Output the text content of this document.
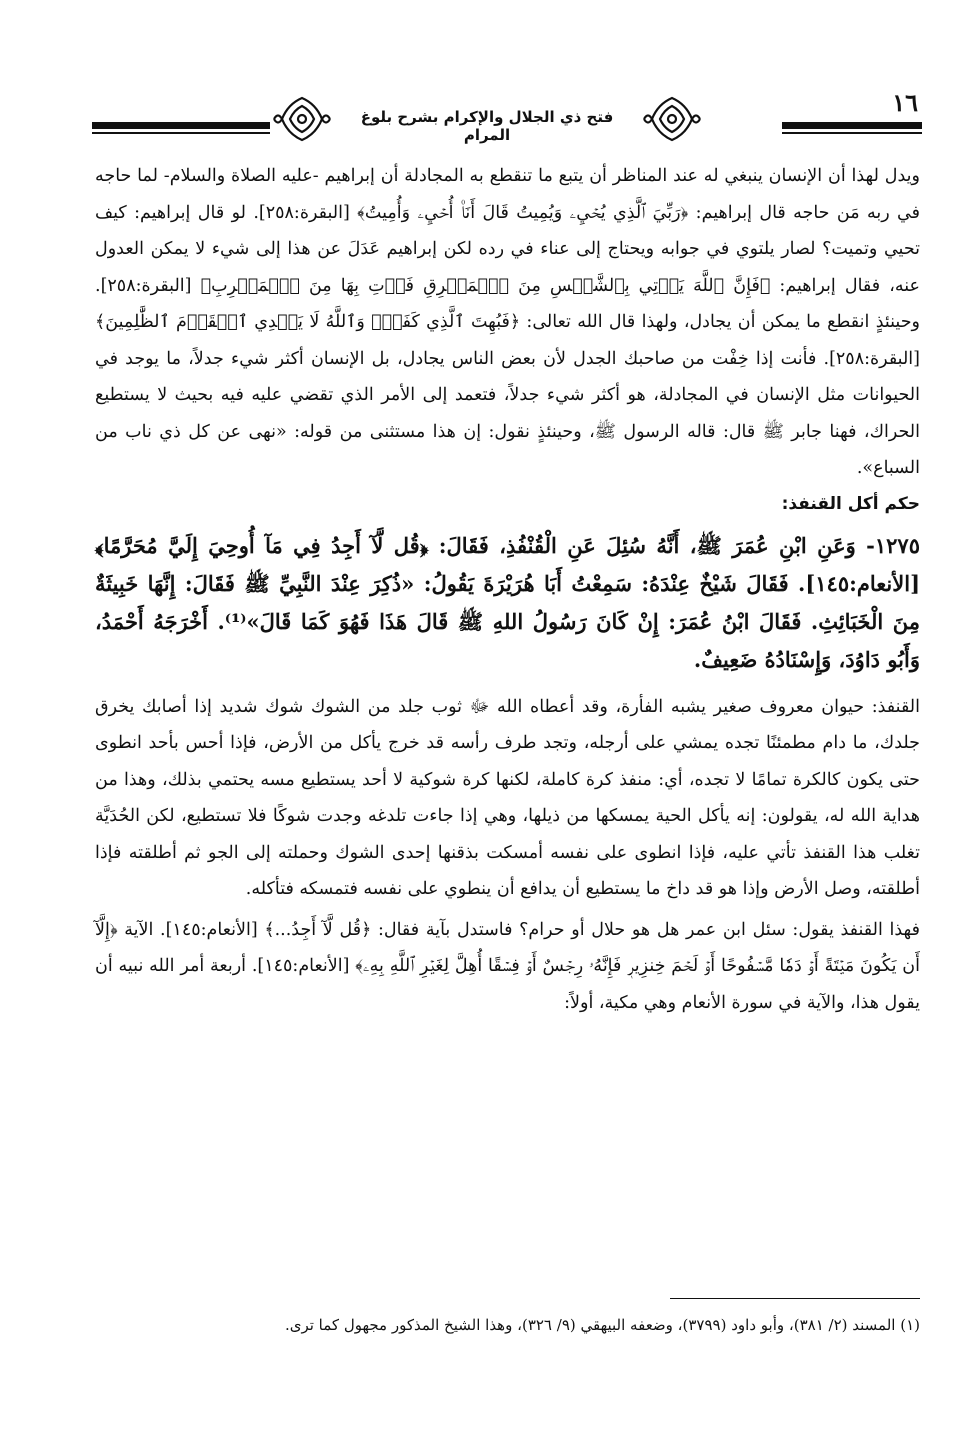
فتح ذي الجلال والإكرام بشرح بلوغ المرام
١٦

ويدل لهذا أن الإنسان ينبغي له عند المناظر أن يتبع ما تنقطع به المجادلة أن إبراهيم -عليه الصلاة والسلام- لما حاجه في ربه مَن حاجه قال إبراهيم: ﴿رَبِّيَ ٱلَّذِي يُحۡيِۦ وَيُمِيتُ قَالَ أَنَا۠ أُحۡيِۦ وَأُمِيتُ﴾ [البقرة:٢٥٨]. لو قال إبراهيم: كيف تحيي وتميت؟ لصار يلتوي في جوابه ويحتاج إلى عناء في رده لكن إبراهيم عَدَلَ عن هذا إلى شيء لا يمكن العدول عنه، فقال إبراهيم: ﴿فَإِنَّ ٱللَّهَ يَأۡتِي بِٱلشَّمۡسِ مِنَ ٱلۡمَشۡرِقِ فَأۡتِ بِهَا مِنَ ٱلۡمَغۡرِبِ﴾ [البقرة:٢٥٨]. وحينئذٍ انقطع ما يمكن أن يجادل، ولهذا قال الله تعالى: ﴿فَبُهِتَ ٱلَّذِي كَفَرَۗ وَٱللَّهُ لَا يَهۡدِي ٱلۡقَوۡمَ ٱلظَّٰلِمِينَ﴾ [البقرة:٢٥٨]. فأنت إذا خِفْت من صاحبك الجدل لأن بعض الناس يجادل، بل الإنسان أكثر شيء جدلاً، ما يوجد في الحيوانات مثل الإنسان في المجادلة، هو أكثر شيء جدلاً، فتعمد إلى الأمر الذي تقضي عليه فيه بحيث لا يستطيع الحراك، فهنا جابر ﷺ قال: قاله الرسول ﷺ، وحينئذٍ نقول: إن هذا مستثنى من قوله: «نهى عن كل ذي ناب من السباع».

حكم أكل القنفذ:

١٢٧٥- وَعَنِ ابْنِ عُمَرَ ﷺ، أَنَّهُ سُئِلَ عَنِ الْقُنْفُذِ، فَقَالَ: ﴿قُل لَّآ أَجِدُ فِي مَآ أُوحِيَ إِلَيَّ مُحَرَّمًا﴾ [الأنعام:١٤٥]. فَقَالَ شَيْخٌ عِنْدَهُ: سَمِعْتُ أَبَا هُرَيْرَةَ يَقُولُ: «ذُكِرَ عِنْدَ النَّبِيِّ ﷺ فَقَالَ: إِنَّهَا خَبِيثَةٌ مِنَ الْخَبَائِثِ. فَقَالَ ابْنُ عُمَرَ: إِنْ كَانَ رَسُولُ اللهِ ﷺ قَالَ هَذَا فَهُوَ كَمَا قَالَ»⁽¹⁾. أَخْرَجَهُ أَحْمَدُ، وَأَبُو دَاوُدَ، وَإِسْنَادُهُ ضَعِيفٌ.

القنفذ: حيوان معروف صغير يشبه الفأرة، وقد أعطاه الله ﷻ ثوب جلد من الشوك شوك شديد إذا أصابك يخرق جلدك، ما دام مطمئنًا تجده يمشي على أرجله، وتجد طرف رأسه قد خرج يأكل من الأرض، فإذا أحس بأحد انطوى حتى يكون كالكرة تمامًا لا تجده، أي: منفذ كرة كاملة، لكنها كرة شوكية لا أحد يستطيع مسه يحتمي بذلك، وهذا من هداية الله له، يقولون: إنه يأكل الحية يمسكها من ذيلها، وهي إذا جاءت تلدغه وجدت شوكًا فلا تستطيع، لكن الحُدَيَّة تغلب هذا القنفذ تأتي عليه، فإذا انطوى على نفسه أمسكت بذقنها إحدى الشوك وحملته إلى الجو ثم أطلقته فإذا أطلقته، وصل الأرض وإذا هو قد داخ ما يستطيع أن يدافع أن ينطوي على نفسه فتمسكه فتأكله.

فهذا القنفذ يقول: سئل ابن عمر هل هو حلال أو حرام؟ فاستدل بآية فقال: ﴿قُل لَّآ أَجِدُ...﴾ [الأنعام:١٤٥]. الآية ﴿إِلَّآ أَن يَكُونَ مَيۡتَةً أَوۡ دَمٗا مَّسۡفُوحًا أَوۡ لَحۡمَ خِنزِيرٖ فَإِنَّهُۥ رِجۡسٌ أَوۡ فِسۡقًا أُهِلَّ لِغَيۡرِ ٱللَّهِ بِهِۦ﴾ [الأنعام:١٤٥]. أربعة أمر الله نبيه أن يقول هذا، والآية في سورة الأنعام وهي مكية، أولاً:

(١) المسند (٢/ ٣٨١)، وأبو داود (٣٧٩٩)، وضعفه البيهقي (٩/ ٣٢٦)، وهذا الشيخ المذكور مجهول كما ترى.
